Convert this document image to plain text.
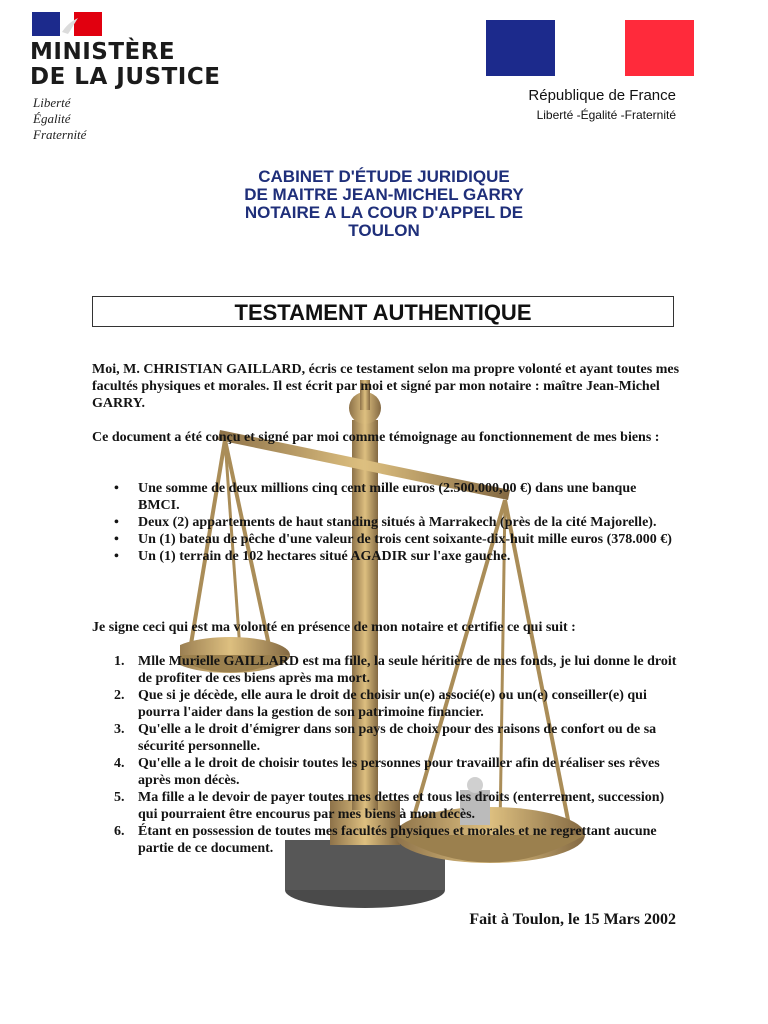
MINISTÈRE
DE LA JUSTICE
Liberté
Égalité
Fraternité
République de France
Liberté -Égalité -Fraternité
CABINET D'ÉTUDE JURIDIQUE
DE MAITRE JEAN-MICHEL GARRY
NOTAIRE A LA COUR D'APPEL DE
TOULON
TESTAMENT AUTHENTIQUE
Moi, M. CHRISTIAN GAILLARD, écris ce testament selon ma propre volonté et ayant toutes mes facultés physiques et morales. Il est écrit par moi et signé par mon notaire : maître Jean-Michel GARRY.
Ce document a été conçu et signé par moi comme témoignage au fonctionnement de mes biens :
• Une somme de deux millions cinq cent mille euros (2.500.000,00 €) dans une banque BMCI.
• Deux (2) appartements de haut standing situés à Marrakech (près de la cité Majorelle).
• Un (1) bateau de pêche d'une valeur de trois cent soixante-dix-huit mille euros (378.000 €)
• Un (1) terrain de 102 hectares situé AGADIR sur l'axe gauche.
Je signe ceci qui est ma volonté en présence de mon notaire et certifie ce qui suit :
1. Mlle Murielle GAILLARD est ma fille, la seule héritière de mes fonds, je lui donne le droit de profiter de ces biens après ma mort.
2. Que si je décède, elle aura le droit de choisir un(e) associé(e) ou un(e) conseiller(e) qui pourra l'aider dans la gestion de son patrimoine financier.
3. Qu'elle a le droit d'émigrer dans son pays de choix pour des raisons de confort ou de sa sécurité personnelle.
4. Qu'elle a le droit de choisir toutes les personnes pour travailler afin de réaliser ses rêves après mon décès.
5. Ma fille a le devoir de payer toutes mes dettes et tous les droits (enterrement, succession) qui pourraient être encourus par mes biens à mon décès.
6. Étant en possession de toutes mes facultés physiques et morales et ne regrettant aucune partie de ce document.
Fait à Toulon, le 15 Mars 2002
